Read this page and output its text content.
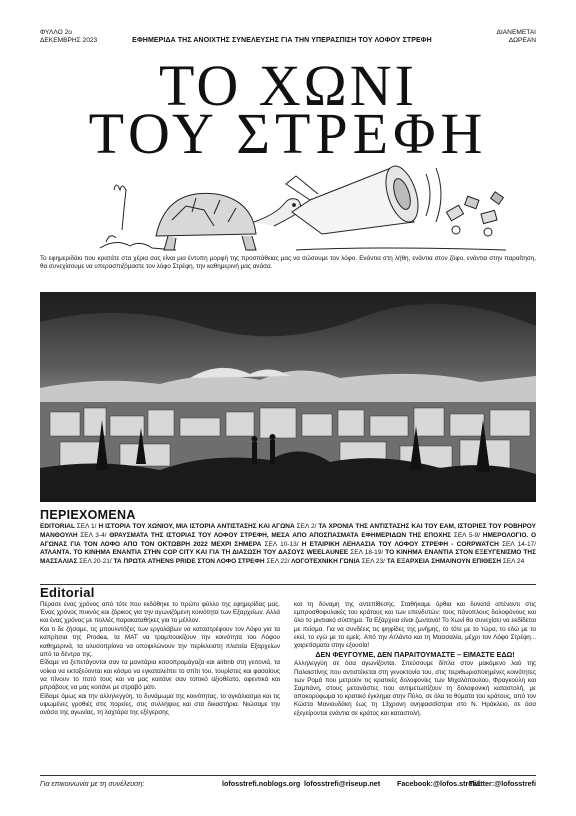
ΦΥΛΛΟ 2ο
ΔΕΚΕΜΒΡΗΣ 2023	ΕΦΗΜΕΡΙΔΑ ΤΗΣ ΑΝΟΙΧΤΗΣ ΣΥΝΕΛΕΥΣΗΣ ΓΙΑ ΤΗΝ ΥΠΕΡΑΣΠΙΣΗ ΤΟΥ ΛΟΦΟΥ ΣΤΡΕΦΗ
ΔΙΑΝΕΜΕΤΑΙ
ΔΩΡΕΑΝ
ΤΟ ΧΩΝΙ
ΤΟΥ ΣΤΡΕΦΗ
Το εφημεριδάκι που κρατάτε στα χέρια σας είναι μια έντυπη μορφή της προσπάθειας μας να σώσουμε τον λόφο. Ενάντια στη λήθη, ενάντια στον ζόφο, ενάντια στην παραίτηση, θα συνεχίσουμε να υπερασπιζόμαστε τον λόφο Στρέφη, την καθημερινή μας ανάσα.
ΠΕΡΙΕΧΟΜΕΝΑ
EDITORIAL ΣΕΛ 1/ Η ΙΣΤΟΡΙΑ ΤΟΥ ΧΩΝΙΟΥ, ΜΙΑ ΙΣΤΟΡΙΑ ΑΝΤΙΣΤΑΣΗΣ ΚΑΙ ΑΓΩΝΑ ΣΕΛ 2/ ΤΑ ΧΡΟΝΙΑ ΤΗΣ ΑΝΤΙΣΤΑΣΗΣ ΚΑΙ ΤΟΥ ΕΑΜ, ΙΣΤΟΡΙΕΣ ΤΟΥ ΡΟΒΗΡΟΥ ΜΑΝΘΟΥΛΗ ΣΕΛ 3-4/ ΘΡΑΥΣΜΑΤΑ ΤΗΣ ΙΣΤΟΡΙΑΣ ΤΟΥ ΛΟΦΟΥ ΣΤΡΕΦΗ, ΜΕΣΑ ΑΠΟ ΑΠΟΣΠΑΣΜΑΤΑ ΕΦΗΜΕΡΙΔΩΝ ΤΗΣ ΕΠΟΧΗΣ ΣΕΛ 5-9/ ΗΜΕΡΟΛΟΓΙΟ. Ο ΑΓΩΝΑΣ ΓΙΑ ΤΟΝ ΛΟΦΟ ΑΠΟ ΤΟΝ ΟΚΤΩΒΡΗ 2022 ΜΕΧΡΙ ΣΗΜΕΡΑ ΣΕΛ 10-13/ Η ΕΤΑΙΡΙΚΗ ΛΕΗΛΑΣΙΑ ΤΟΥ ΛΟΦΟΥ ΣΤΡΕΦΗ - CORPWATCH ΣΕΛ 14-17/ ΑΤΛΑΝΤΑ. ΤΟ ΚΙΝΗΜΑ ΕΝΑΝΤΙΑ ΣΤΗΝ COP CITY ΚΑΙ ΓΙΑ ΤΗ ΔΙΑΣΩΣΗ ΤΟΥ ΔΑΣΟΥΣ WEELAUNEE ΣΕΛ 18-19/ ΤΟ ΚΙΝΗΜΑ ΕΝΑΝΤΙΑ ΣΤΟΝ ΕΞΕΥΓΕΝΙΣΜΟ ΤΗΣ ΜΑΣΣΑΛΙΑΣ ΣΕΛ 20-21/ ΤΑ ΠΡΩΤΑ ATHENS PRIDE ΣΤΟΝ ΛΟΦΟ ΣΤΡΕΦΗ ΣΕΛ 22/ ΛΟΓΟΤΕΧΝΙΚΗ ΓΩΝΙΑ ΣΕΛ 23/ ΤΑ ΕΞΑΡΧΕΙΑ ΣΗΜΑΙΝΟΥΝ ΕΠΙΘΕΣΗ ΣΕΛ 24
Editorial

Πέρασε ένας χρόνος από τότε που εκδόθηκε το πρώτο φύλλο της εφημερίδας μας. Ένας χρόνος πυκνός και ζόρικος για την αγωνιζόμενη κοινότητα των Εξαρχείων. Αλλά και ένας χρόνος με πολλές παρακαταθήκες για το μέλλον.

Και τι δε ζήσαμε, τις μπουλντόζες των εργολάβων να καταστρέφουν τον Λόφο για τα καπρίτσια της Prodea, τα ΜΑΤ να τραμπουκίζουν την κοινότητα του Λόφου καθημερινά, τα αλυσοπρίονα να αποψιλώνουν την περίκλειστη πλατεία Εξαρχείων από τα δέντρα της.

Είδαμε να ξεπετάγονται σαν τα μανιτάρια κιτσοπρομάγαζα και airbnb στη γειτονιά, τα νοίκια να εκτοξεύονται και κόσμο να εγκαταλείπει το σπίτι του, τουρίστες και φασαίους να πίνουν το ποτό τους και να μας κοιτάνε σαν τοπικό αξιοθέατο, αφεντικά και μπράβους να μας κοιτάνε με στραβό μάτι.

Είδαμε όμως και την αλληλεγγύη, το δυνάμωμα της κοινότητας, το αγκάλιασμα και τις υψωμένες γροθιές στις πορείες, στις συλλήψεις και στα δικαστήρια. Νιώσαμε την ανάσα της αγωνίας, τη λαχτάρα της εξέγερσης

και τη δύναμη της αντεπίθεσης. Σταθήκαμε όρθια και δυνατά απέναντι στις εμπροσθοφυλακές του κράτους και των επενδυτών: τους πάνοπλους δολοφόνους και όλο το μιντιακό σύστημα. Τα Εξάρχεια είναι ζωντανά! Το Χωνί θα συνεχίσει να εκδίδεται με πείσμα. Για να συνδέεις τις ψηφίδες της μνήμης, το τότε με το τώρα, το εδώ με το εκεί, το εγώ με το εμείς. Από την Ατλάντα και τη Μασσαλία, μέχρι τον Λόφο Στρέφη... χαιρετίσματα στην εξουσία!

ΔΕΝ ΦΕΥΓΟΥΜΕ, ΔΕΝ ΠΑΡΑΙΤΟΥΜΑΣΤΕ – ΕΙΜΑΣΤΕ ΕΔΩ!

Αλληλεγγύη σε όσα αγωνίζονται. Σπεύσουμε δίπλα στον μακόμενο λαό της Παλαιστίνης που αντιστέκεται στη γενοκτονία του, στις περιθωριοποιημένες κοινότητες των Ρομά που μετρούν τις κρατικές δολοφονίες των Μιχαλόπουλου, Φραγκούλη και Σαμπάνη, στους μετανάστες που αντιμετωπίζουν τη δολοφονική καταστολή, με αποκορύφωμα το κρατικό έγκλημα στην Πύλο, σε όλα τα θύματα του κράτους, από τον Κώστα Μανιουδάκη έως τη 13χρονη ανηφασσίστρια στο Ν. Ηράκλειο, σε όσα εξεγείρονται ενάντια σε κράτος και καταστολή.

Για επικοινωνία με τη συνέλευση:	lofosstrefi.noblogs.org lofosstrefi@riseup.net Facebook:@lofos.strefi1
Twitter:@lofosstrefi
